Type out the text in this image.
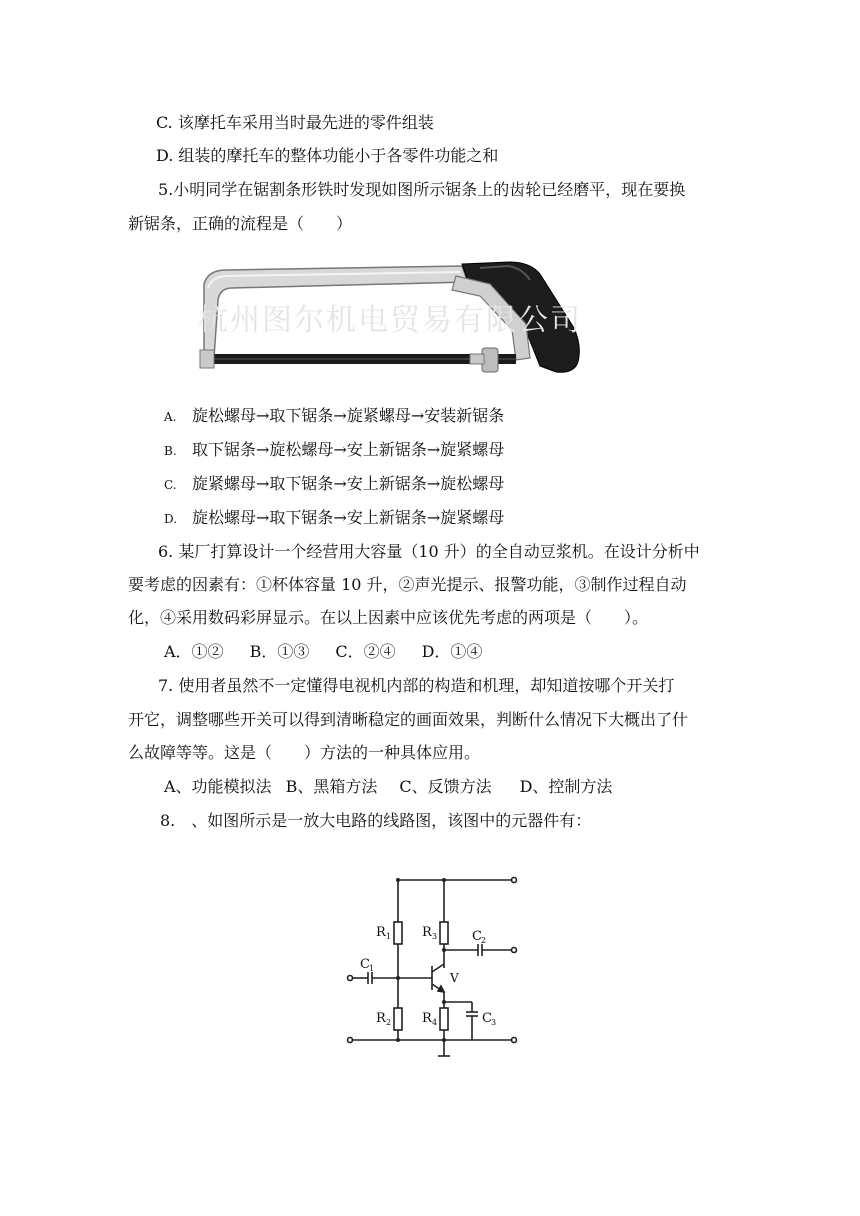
C. 该摩托车采用当时最先进的零件组装
D. 组装的摩托车的整体功能小于各零件功能之和
5.小明同学在锯割条形铁时发现如图所示锯条上的齿轮已经磨平，现在要换
新锯条，正确的流程是（　　）
杭州图尔机电贸易有限公司
A. 旋松螺母→取下锯条→旋紧螺母→安装新锯条
B. 取下锯条→旋松螺母→安上新锯条→旋紧螺母
C. 旋紧螺母→取下锯条→安上新锯条→旋松螺母
D. 旋松螺母→取下锯条→安上新锯条→旋紧螺母
6. 某厂打算设计一个经营用大容量（10 升）的全自动豆浆机。在设计分析中
要考虑的因素有：①杯体容量 10 升，②声光提示、报警功能，③制作过程自动
化，④采用数码彩屏显示。在以上因素中应该优先考虑的两项是（　　）。
A．①② B．①③ C．②④ D．①④
7. 使用者虽然不一定懂得电视机内部的构造和机理，却知道按哪个开关打
开它，调整哪些开关可以得到清晰稳定的画面效果，判断什么情况下大概出了什
么故障等等。这是（　　）方法的一种具体应用。
A、功能模拟法 B、黑箱方法 C、反馈方法 D、控制方法
8.　、如图所示是一放大电路的线路图，该图中的元器件有：
R 1 R 3	C 2
C 1
V
R 2 R 4	C 3
